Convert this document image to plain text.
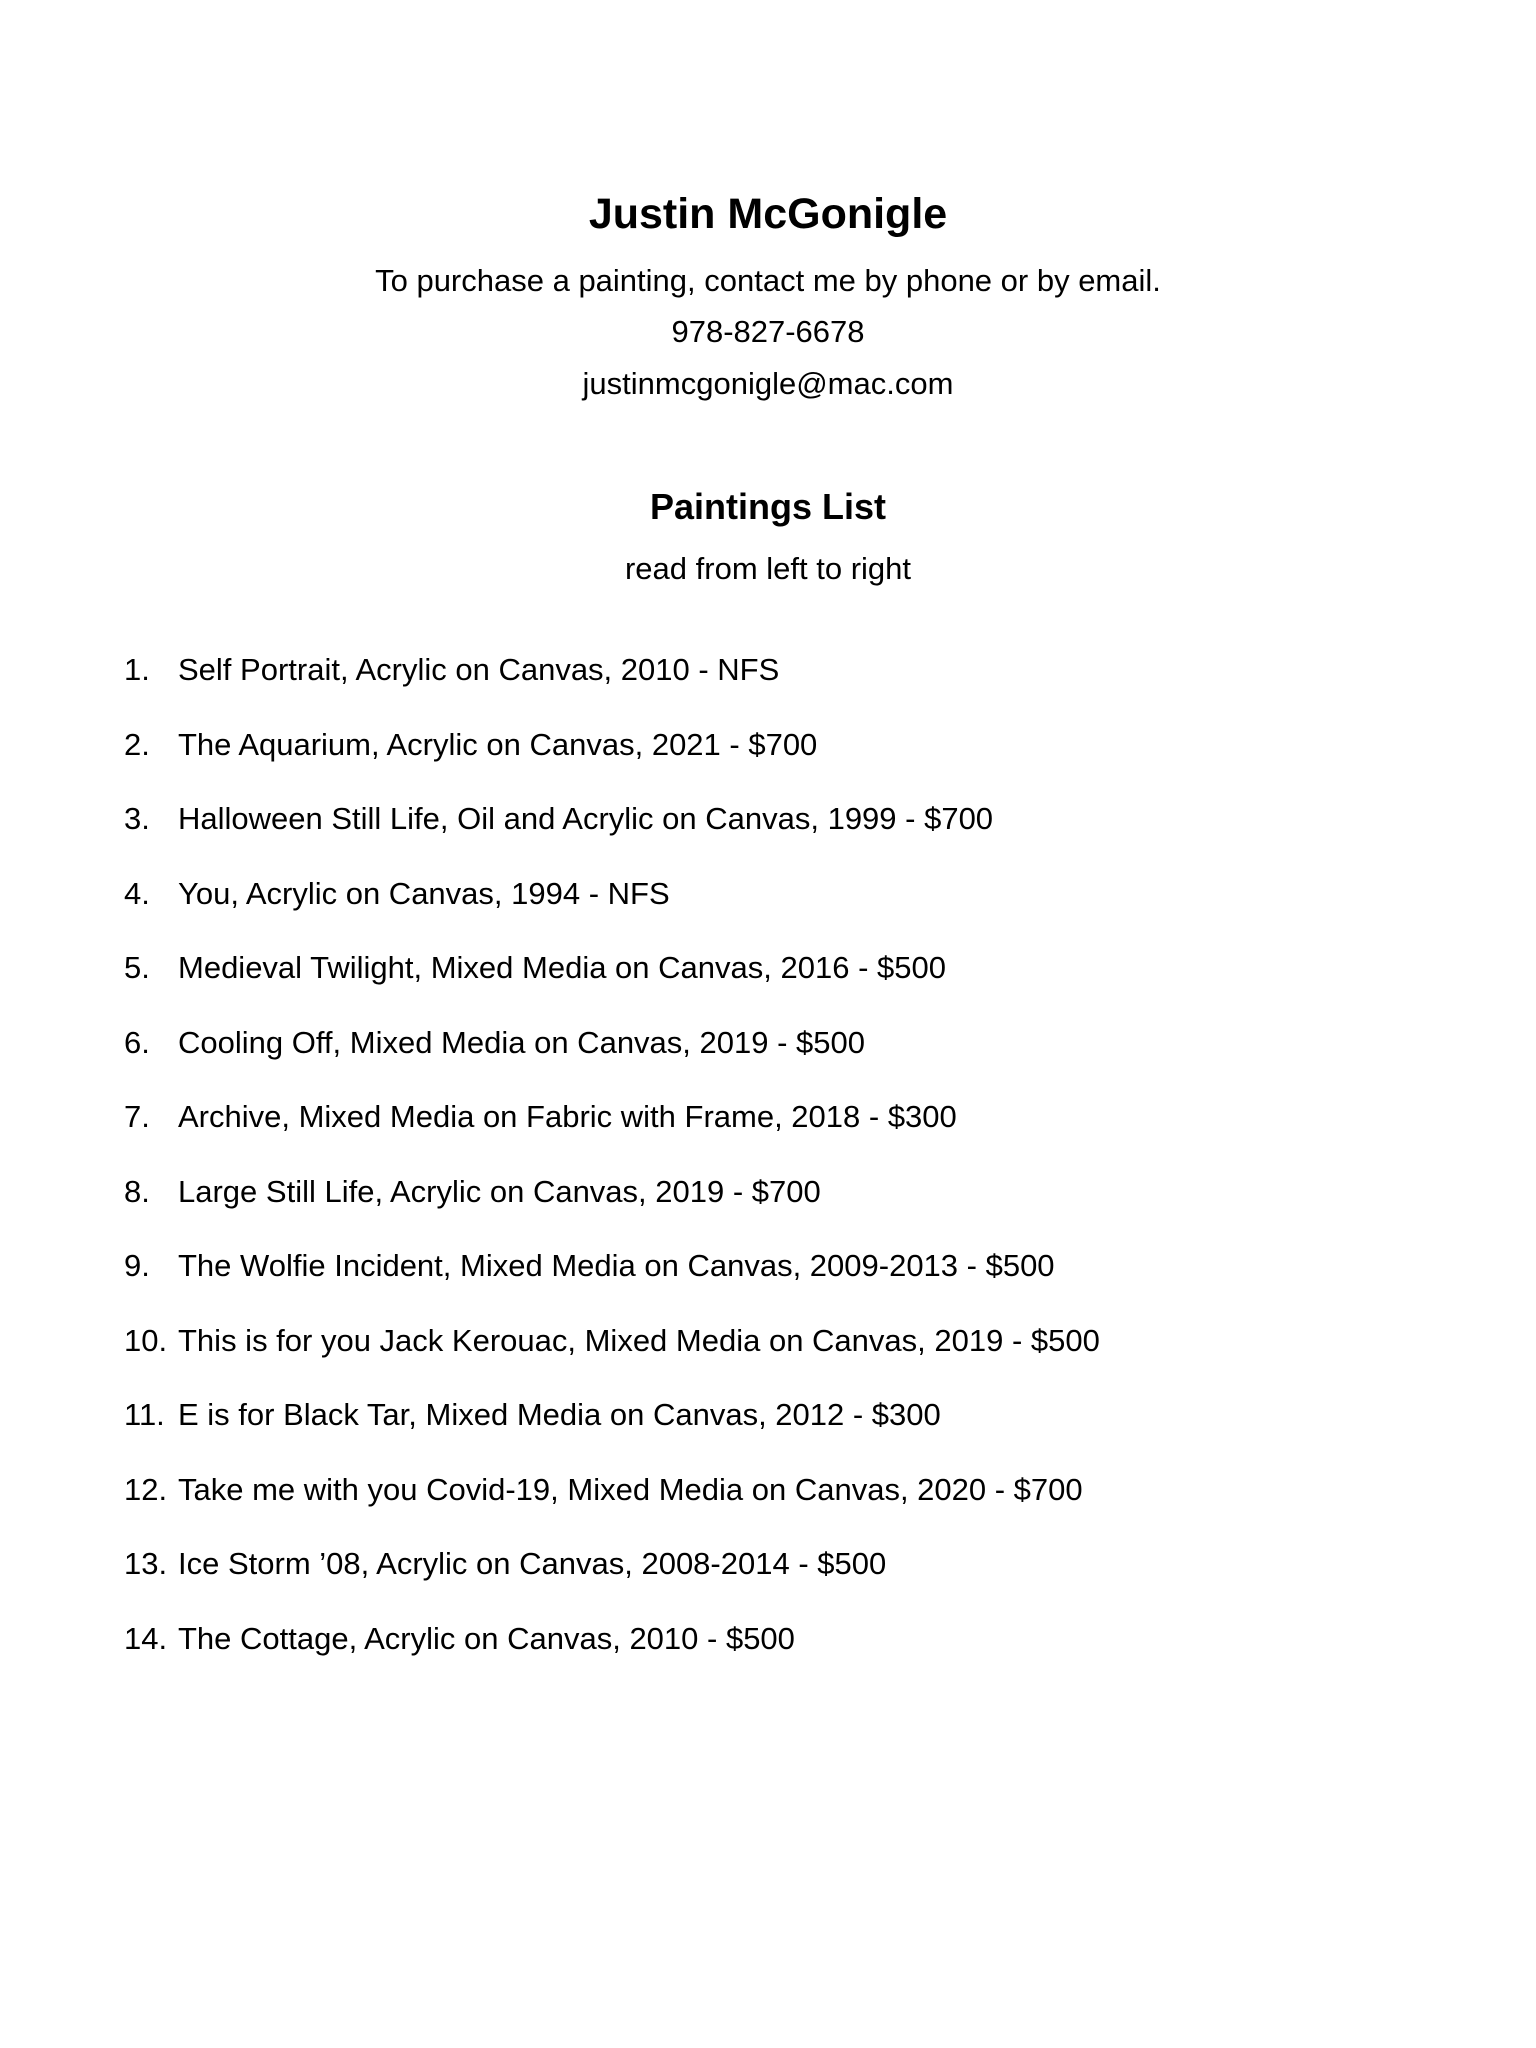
Justin McGonigle
To purchase a painting, contact me by phone or by email.
978-827-6678
justinmcgonigle@mac.com
Paintings List
read from left to right
1. Self Portrait, Acrylic on Canvas, 2010 - NFS
2. The Aquarium, Acrylic on Canvas, 2021 - $700
3. Halloween Still Life, Oil and Acrylic on Canvas, 1999 - $700
4. You, Acrylic on Canvas, 1994 - NFS
5. Medieval Twilight, Mixed Media on Canvas, 2016 - $500
6. Cooling Off, Mixed Media on Canvas, 2019 - $500
7. Archive, Mixed Media on Fabric with Frame, 2018 - $300
8. Large Still Life, Acrylic on Canvas, 2019 - $700
9. The Wolfie Incident, Mixed Media on Canvas, 2009-2013 - $500
10. This is for you Jack Kerouac, Mixed Media on Canvas, 2019 - $500
11. E is for Black Tar, Mixed Media on Canvas, 2012 - $300
12. Take me with you Covid-19, Mixed Media on Canvas, 2020 - $700
13. Ice Storm ’08, Acrylic on Canvas, 2008-2014 - $500
14. The Cottage, Acrylic on Canvas, 2010 - $500
